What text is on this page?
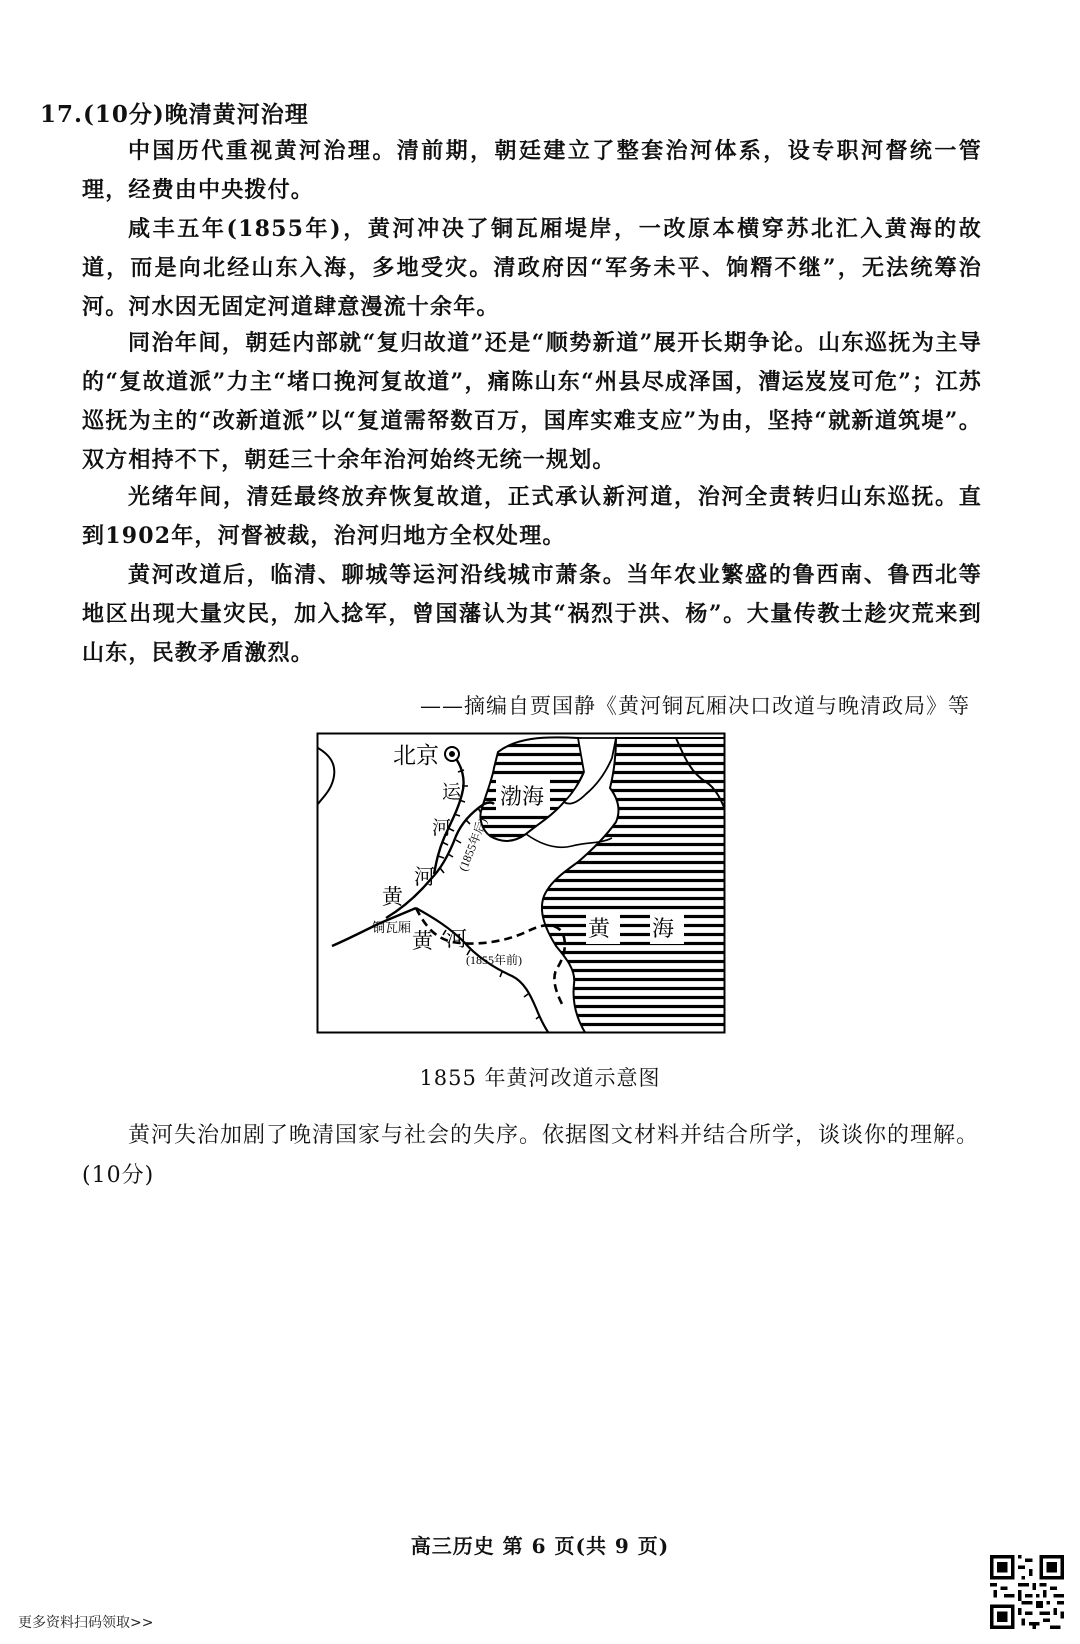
17.(10分)晚清黄河治理

中国历代重视黄河治理。清前期，朝廷建立了整套治河体系，设专职河督统一管理，经费由中央拨付。

咸丰五年(1855年)，黄河冲决了铜瓦厢堤岸，一改原本横穿苏北汇入黄海的故道，而是向北经山东入海，多地受灾。清政府因“军务未平、饷糈不继”，无法统筹治河。河水因无固定河道肆意漫流十余年。

同治年间，朝廷内部就“复归故道”还是“顺势新道”展开长期争论。山东巡抚为主导的“复故道派”力主“堵口挽河复故道”，痛陈山东“州县尽成泽国，漕运岌岌可危”；江苏巡抚为主的“改新道派”以“复道需帑数百万，国库实难支应”为由，坚持“就新道筑堤”。双方相持不下，朝廷三十余年治河始终无统一规划。

光绪年间，清廷最终放弃恢复故道，正式承认新河道，治河全责转归山东巡抚。直到1902年，河督被裁，治河归地方全权处理。

黄河改道后，临清、聊城等运河沿线城市萧条。当年农业繁盛的鲁西南、鲁西北等地区出现大量灾民，加入捻军，曾国藩认为其“祸烈于洪、杨”。大量传教士趁灾荒来到山东，民教矛盾激烈。

——摘编自贾国静《黄河铜瓦厢决口改道与晚清政局》等
北京
渤海
运
河 (1855年后)
黄
河
铜瓦厢
黄 河
(1855年前)
黄 海
1855 年黄河改道示意图

黄河失治加剧了晚清国家与社会的失序。依据图文材料并结合所学，谈谈你的理解。(10分)

高三历史 第 6 页(共 9 页)
更多资料扫码领取>>
